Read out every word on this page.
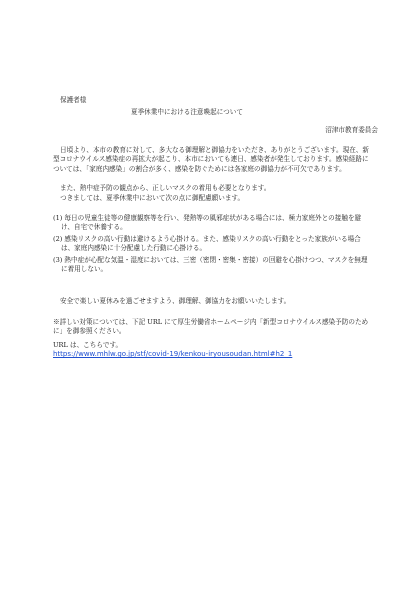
保護者様
夏季休業中における注意喚起について
沼津市教育委員会
日頃より、本市の教育に対して、多大なる御理解と御協力をいただき、ありがとうございます。現在、新型コロナウイルス感染症の再拡大が起こり、本市においても連日、感染者が発生しております。感染経路については、「家庭内感染」の割合が多く、感染を防ぐためには各家庭の御協力が不可欠であります。
また、熱中症予防の観点から、正しいマスクの着用も必要となります。
つきましては、夏季休業中において次の点に御配慮願います。
(1) 毎日の児童生徒等の健康観察等を行い、発熱等の風邪症状がある場合には、極力家庭外との接触を避け、自宅で休養する。
(2) 感染リスクの高い行動は避けるよう心掛ける。また、感染リスクの高い行動をとった家族がいる場合は、家庭内感染に十分配慮した行動に心掛ける。
(3) 熱中症が心配な気温・湿度においては、三密（密閉・密集・密接）の回避を心掛けつつ、マスクを無理に着用しない。
安全で楽しい夏休みを過ごせますよう、御理解、御協力をお願いいたします。
※詳しい対策については、下記 URL にて厚生労働省ホームページ内「新型コロナウイルス感染予防のために」を御参照ください。
URL は、こちらです。
https://www.mhlw.go.jp/stf/covid-19/kenkou-iryousoudan.html#h2_1
